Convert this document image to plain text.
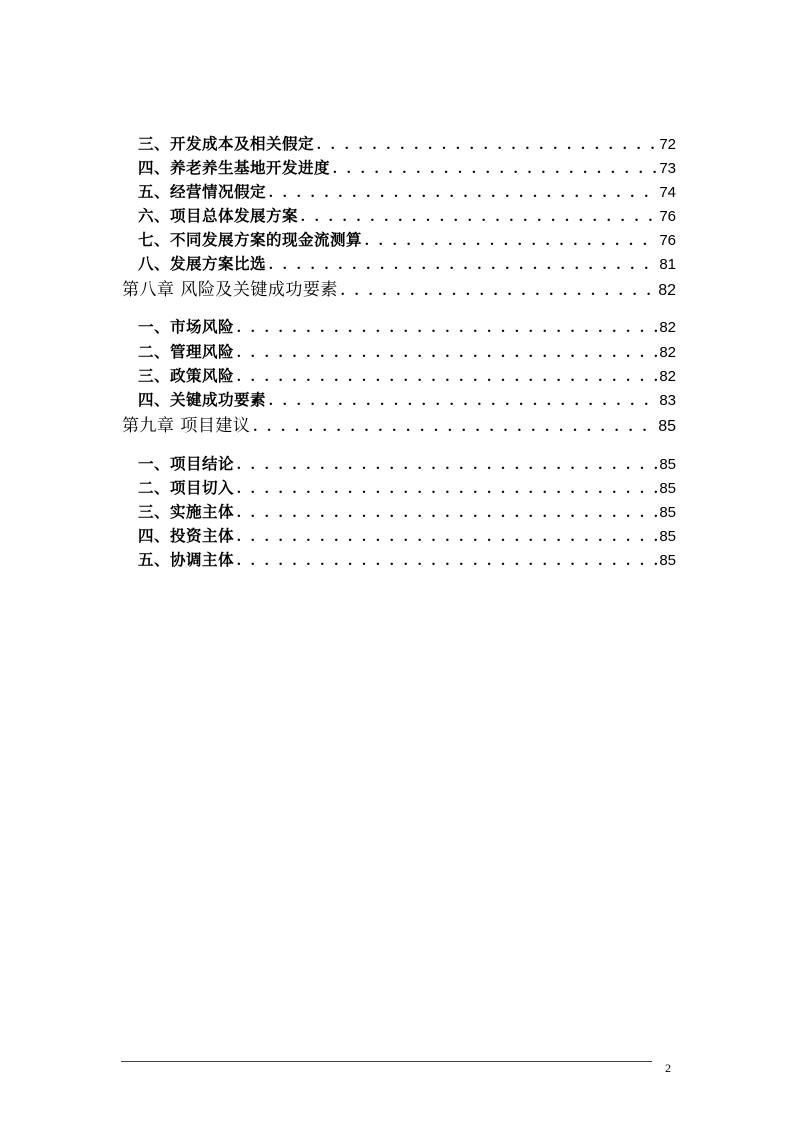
三、开发成本及相关假定 . . .	72
四、养老养生基地开发进度 . . .	73
五、经营情况假定 . . .	74
六、项目总体发展方案 . . .	76
七、不同发展方案的现金流测算 . . .	76
八、发展方案比选 . . .	81
第八章 风险及关键成功要素 . . .	82
一、市场风险 . . .	82
二、管理风险 . . .	82
三、政策风险 . . .	82
四、关键成功要素 . . .	83
第九章 项目建议 . . .	85
一、项目结论 . . .	85
二、项目切入 . . .	85
三、实施主体 . . .	85
四、投资主体 . . .	85
五、协调主体 . . .	85
2
